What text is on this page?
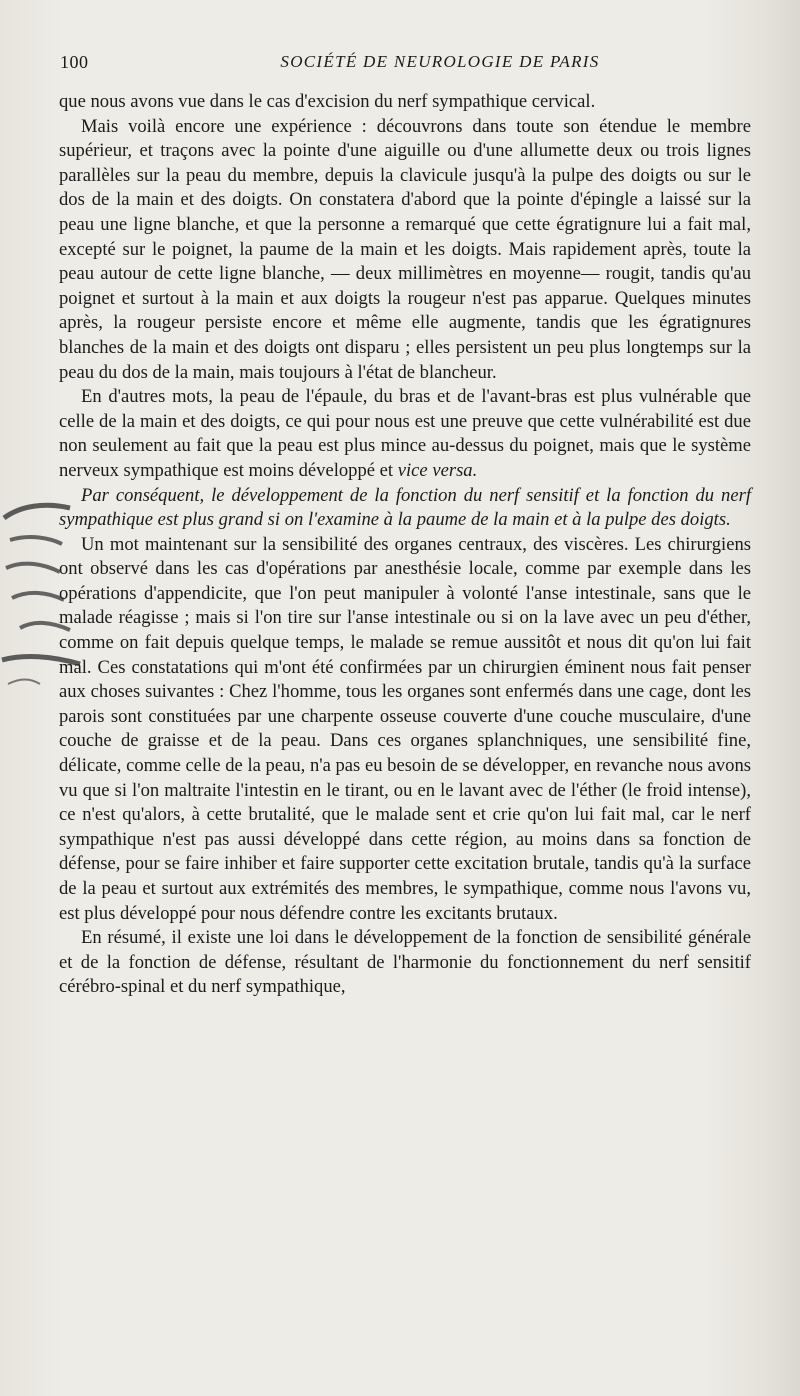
100	SOCIÉTÉ DE NEUROLOGIE DE PARIS

que nous avons vue dans le cas d'excision du nerf sympathique cervical.

Mais voilà encore une expérience : découvrons dans toute son étendue le membre supérieur, et traçons avec la pointe d'une aiguille ou d'une allumette deux ou trois lignes parallèles sur la peau du membre, depuis la clavicule jusqu'à la pulpe des doigts ou sur le dos de la main et des doigts. On constatera d'abord que la pointe d'épingle a laissé sur la peau une ligne blanche, et que la personne a remarqué que cette égratignure lui a fait mal, excepté sur le poignet, la paume de la main et les doigts. Mais rapidement après, toute la peau autour de cette ligne blanche, — deux millimètres en moyenne— rougit, tandis qu'au poignet et surtout à la main et aux doigts la rougeur n'est pas apparue. Quelques minutes après, la rougeur persiste encore et même elle augmente, tandis que les égratignures blanches de la main et des doigts ont disparu ; elles persistent un peu plus longtemps sur la peau du dos de la main, mais toujours à l'état de blancheur.

En d'autres mots, la peau de l'épaule, du bras et de l'avant-bras est plus vulnérable que celle de la main et des doigts, ce qui pour nous est une preuve que cette vulnérabilité est due non seulement au fait que la peau est plus mince au-dessus du poignet, mais que le système nerveux sympathique est moins développé et vice versa.

Par conséquent, le développement de la fonction du nerf sensitif et la fonction du nerf sympathique est plus grand si on l'examine à la paume de la main et à la pulpe des doigts.

Un mot maintenant sur la sensibilité des organes centraux, des viscères. Les chirurgiens ont observé dans les cas d'opérations par anesthésie locale, comme par exemple dans les opérations d'appendicite, que l'on peut manipuler à volonté l'anse intestinale, sans que le malade réagisse ; mais si l'on tire sur l'anse intestinale ou si on la lave avec un peu d'éther, comme on fait depuis quelque temps, le malade se remue aussitôt et nous dit qu'on lui fait mal. Ces constatations qui m'ont été confirmées par un chirurgien éminent nous fait penser aux choses suivantes : Chez l'homme, tous les organes sont enfermés dans une cage, dont les parois sont constituées par une charpente osseuse couverte d'une couche musculaire, d'une couche de graisse et de la peau. Dans ces organes splanchniques, une sensibilité fine, délicate, comme celle de la peau, n'a pas eu besoin de se développer, en revanche nous avons vu que si l'on maltraite l'intestin en le tirant, ou en le lavant avec de l'éther (le froid intense), ce n'est qu'alors, à cette brutalité, que le malade sent et crie qu'on lui fait mal, car le nerf sympathique n'est pas aussi développé dans cette région, au moins dans sa fonction de défense, pour se faire inhiber et faire supporter cette excitation brutale, tandis qu'à la surface de la peau et surtout aux extrémités des membres, le sympathique, comme nous l'avons vu, est plus développé pour nous défendre contre les excitants brutaux.

En résumé, il existe une loi dans le développement de la fonction de sensibilité générale et de la fonction de défense, résultant de l'harmonie du fonctionnement du nerf sensitif cérébro-spinal et du nerf sympathique,
